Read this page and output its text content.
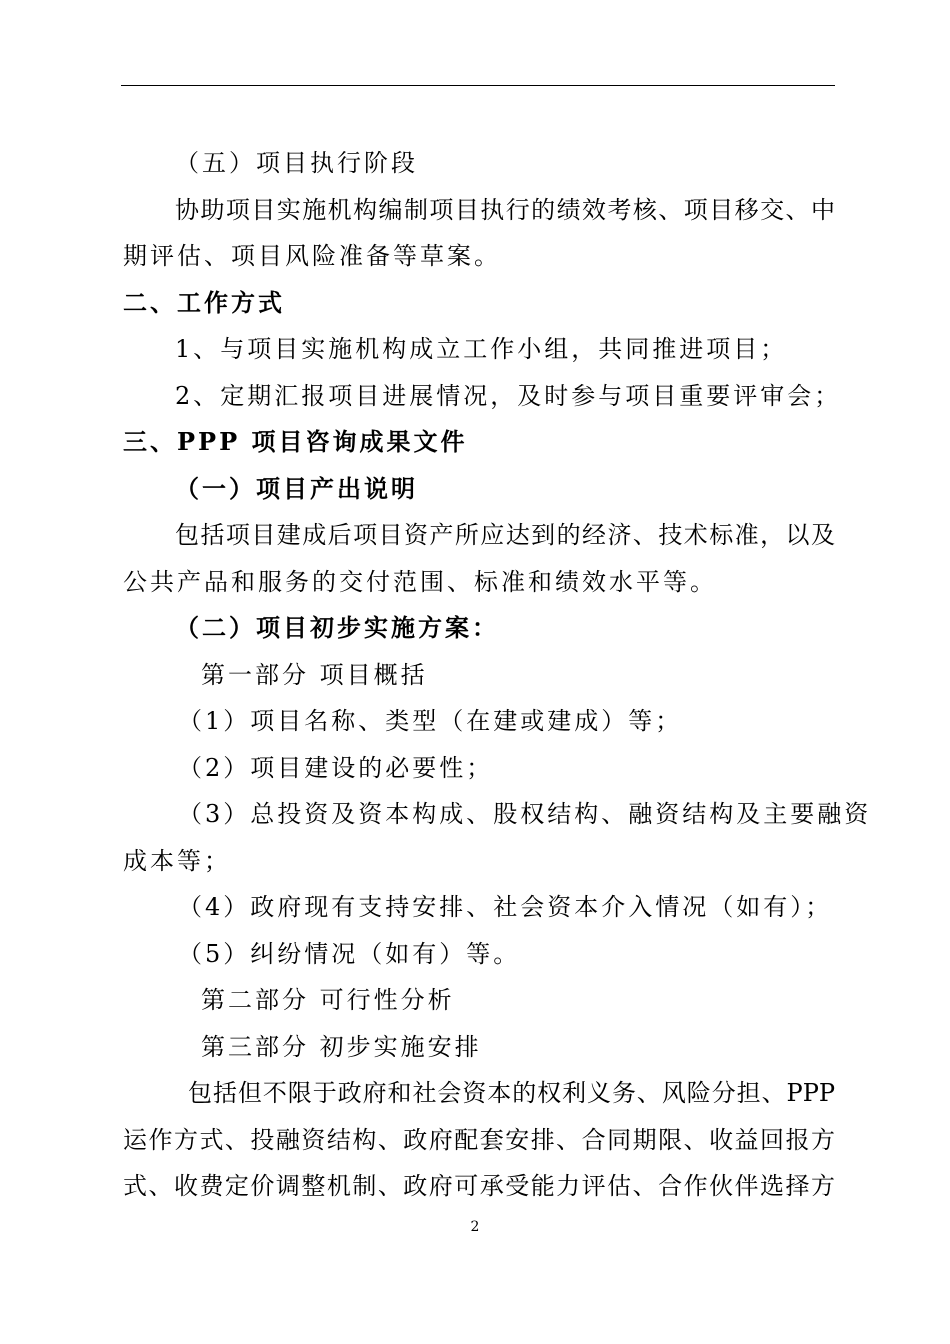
（五）项目执行阶段
协助项目实施机构编制项目执行的绩效考核、项目移交、中
期评估、项目风险准备等草案。
二、工作方式
1、与项目实施机构成立工作小组，共同推进项目；
2、定期汇报项目进展情况，及时参与项目重要评审会；
三、PPP 项目咨询成果文件
（一）项目产出说明
包括项目建成后项目资产所应达到的经济、技术标准，以及
公共产品和服务的交付范围、标准和绩效水平等。
（二）项目初步实施方案：
第一部分 项目概括
（1）项目名称、类型（在建或建成）等；
（2）项目建设的必要性；
（3）总投资及资本构成、股权结构、融资结构及主要融资
成本等；
（4）政府现有支持安排、社会资本介入情况（如有）；
（5）纠纷情况（如有）等。
第二部分 可行性分析
第三部分 初步实施安排
包括但不限于政府和社会资本的权利义务、风险分担、PPP
运作方式、投融资结构、政府配套安排、合同期限、收益回报方
式、收费定价调整机制、政府可承受能力评估、合作伙伴选择方
2
